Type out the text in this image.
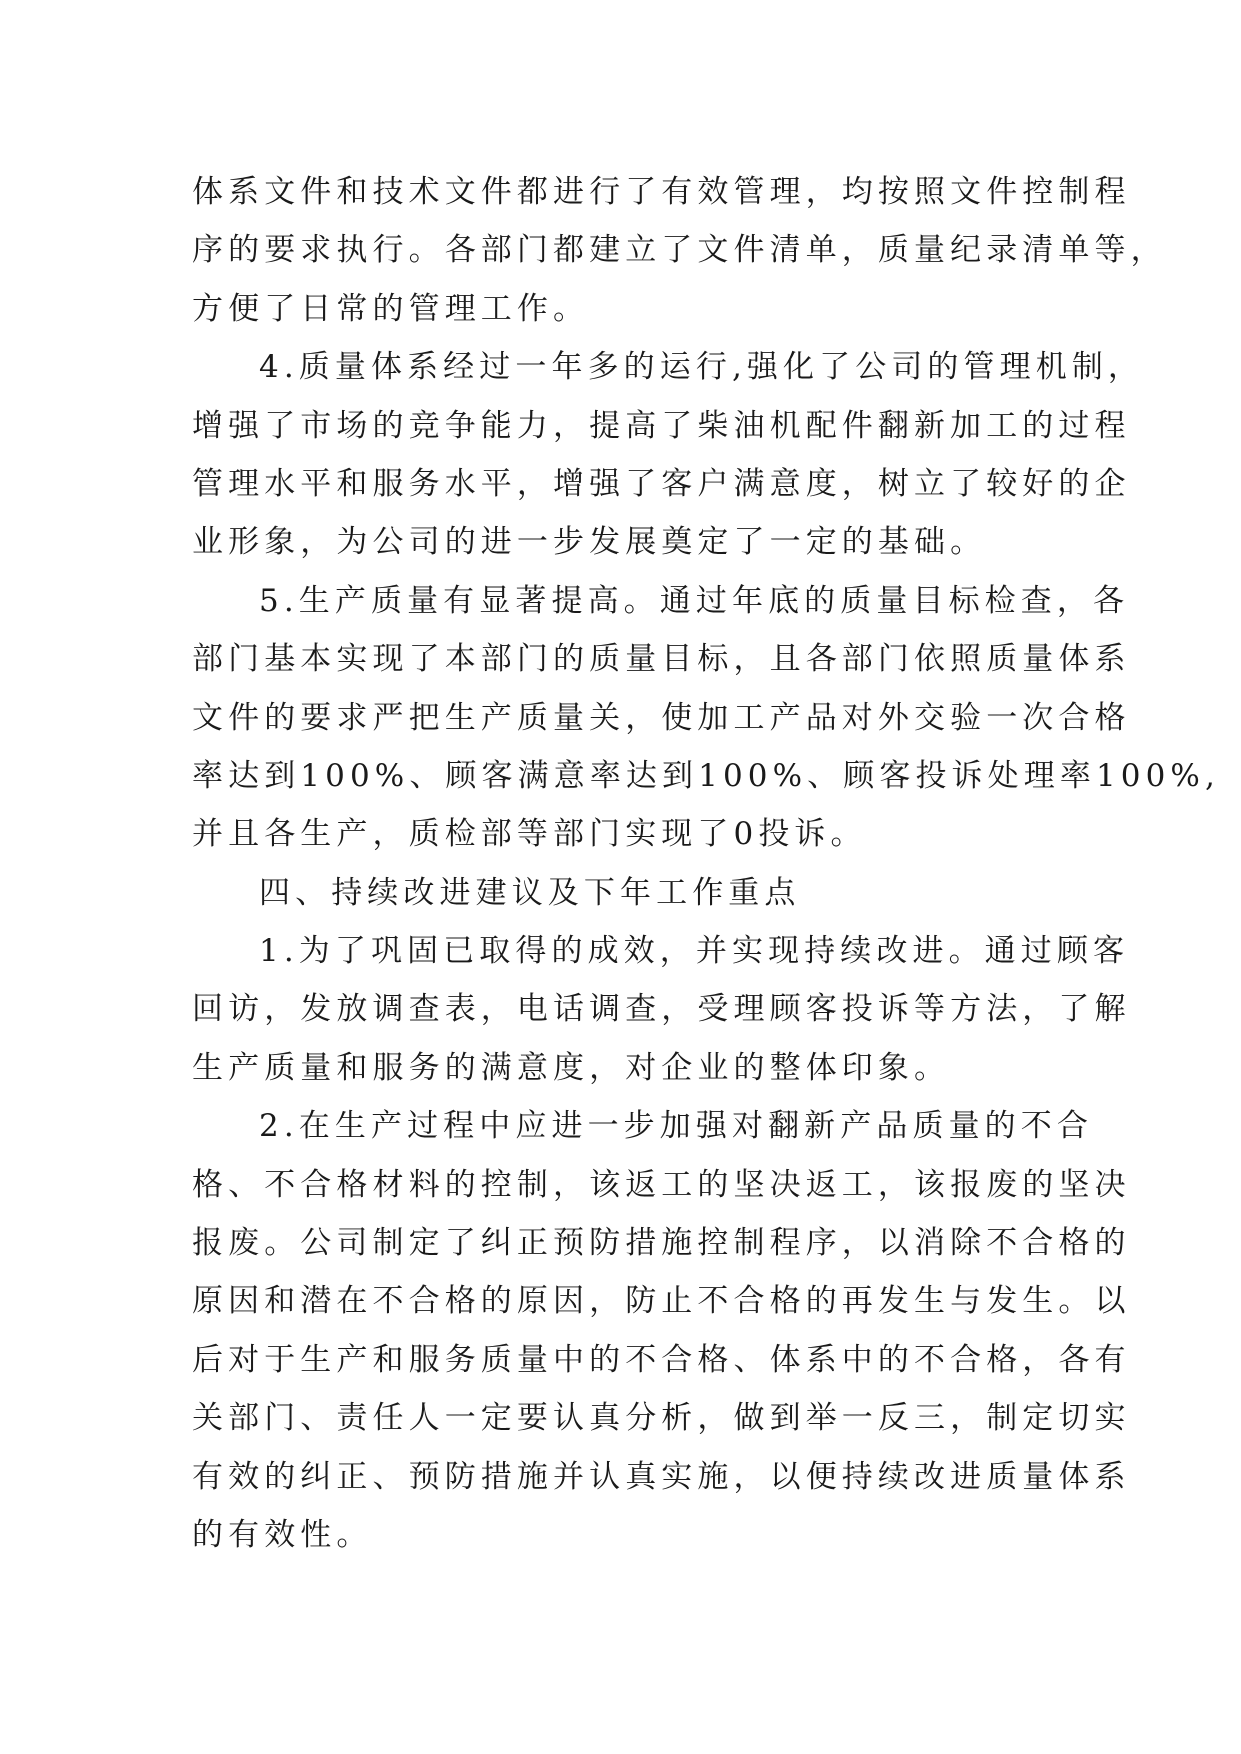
体系文件和技术文件都进行了有效管理，均按照文件控制程
序的要求执行。各部门都建立了文件清单，质量纪录清单等，
方便了日常的管理工作。
4.质量体系经过一年多的运行,强化了公司的管理机制，
增强了市场的竞争能力，提高了柴油机配件翻新加工的过程
管理水平和服务水平，增强了客户满意度，树立了较好的企
业形象，为公司的进一步发展奠定了一定的基础。
5.生产质量有显著提高。通过年底的质量目标检查，各
部门基本实现了本部门的质量目标，且各部门依照质量体系
文件的要求严把生产质量关，使加工产品对外交验一次合格
率达到100%、顾客满意率达到100%、顾客投诉处理率100%,
并且各生产，质检部等部门实现了0投诉。
四、持续改进建议及下年工作重点
1.为了巩固已取得的成效，并实现持续改进。通过顾客
回访，发放调查表，电话调查，受理顾客投诉等方法，了解
生产质量和服务的满意度，对企业的整体印象。
2.在生产过程中应进一步加强对翻新产品质量的不合
格、不合格材料的控制，该返工的坚决返工，该报废的坚决
报废。公司制定了纠正预防措施控制程序，以消除不合格的
原因和潜在不合格的原因，防止不合格的再发生与发生。以
后对于生产和服务质量中的不合格、体系中的不合格，各有
关部门、责任人一定要认真分析，做到举一反三，制定切实
有效的纠正、预防措施并认真实施，以便持续改进质量体系
的有效性。
